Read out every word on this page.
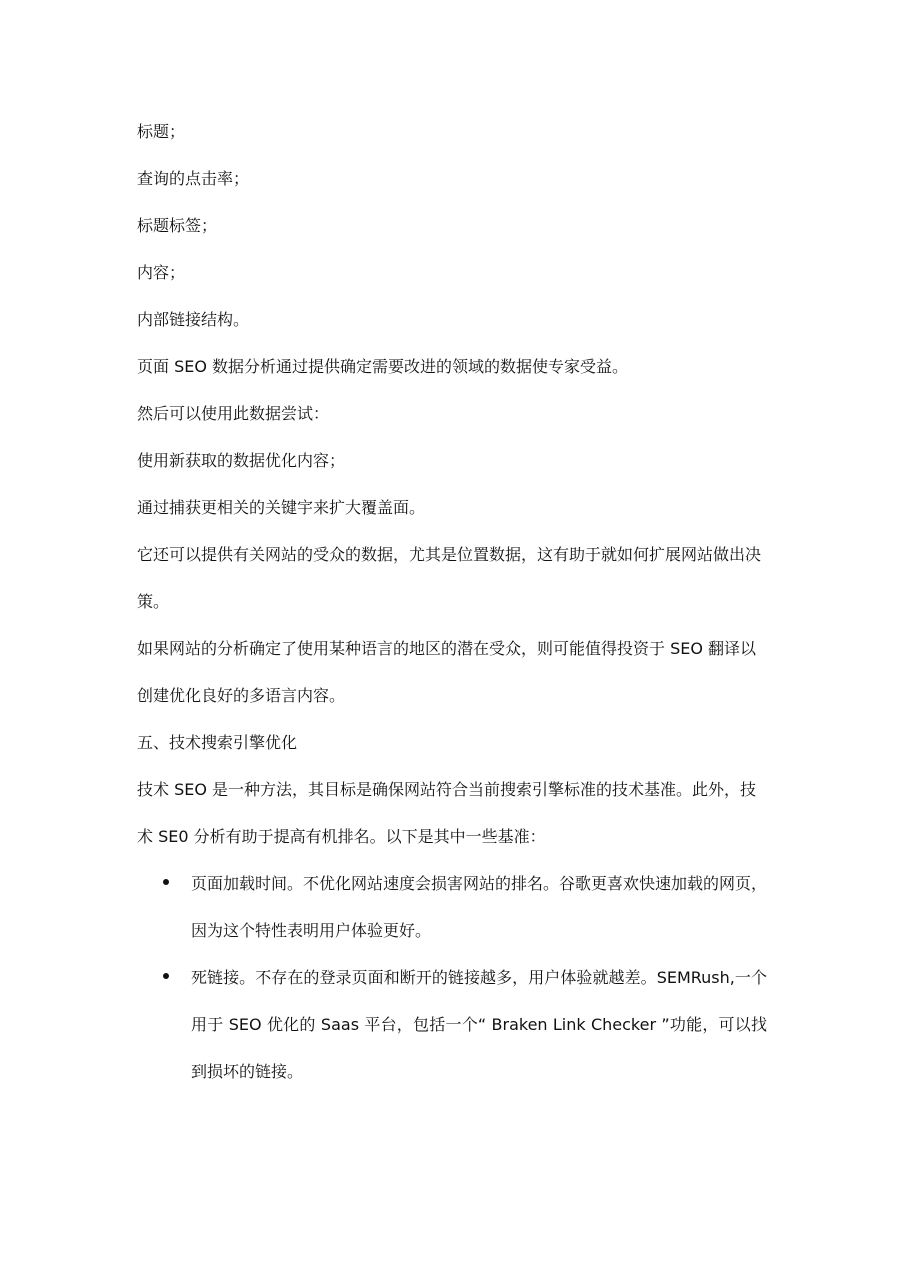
标题；

查询的点击率；

标题标签；

内容；

内部链接结构。

页面 SEO 数据分析通过提供确定需要改进的领域的数据使专家受益。

然后可以使用此数据尝试：

使用新获取的数据优化内容；

通过捕获更相关的关键宇来扩大覆盖面。

它还可以提供有关网站的受众的数据，尤其是位置数据，这有助于就如何扩展网站做出决策。

如果网站的分析确定了使用某种语言的地区的潜在受众，则可能值得投资于 SEO 翻译以创建优化良好的多语言内容。

五、技术搜索引擎优化

技术 SEO 是一种方法，其目标是确保网站符合当前搜索引擎标准的技术基准。此外，技术 SE0 分析有助于提高有机排名。以下是其中一些基准：

页面加载时间。不优化网站速度会损害网站的排名。谷歌更喜欢快速加载的网页，因为这个特性表明用户体验更好。

死链接。不存在的登录页面和断开的链接越多，用户体验就越差。SEMRush,一个用于 SEO 优化的 Saas 平台，包括一个“ Braken Link Checker ”功能，可以找到损坏的链接。
